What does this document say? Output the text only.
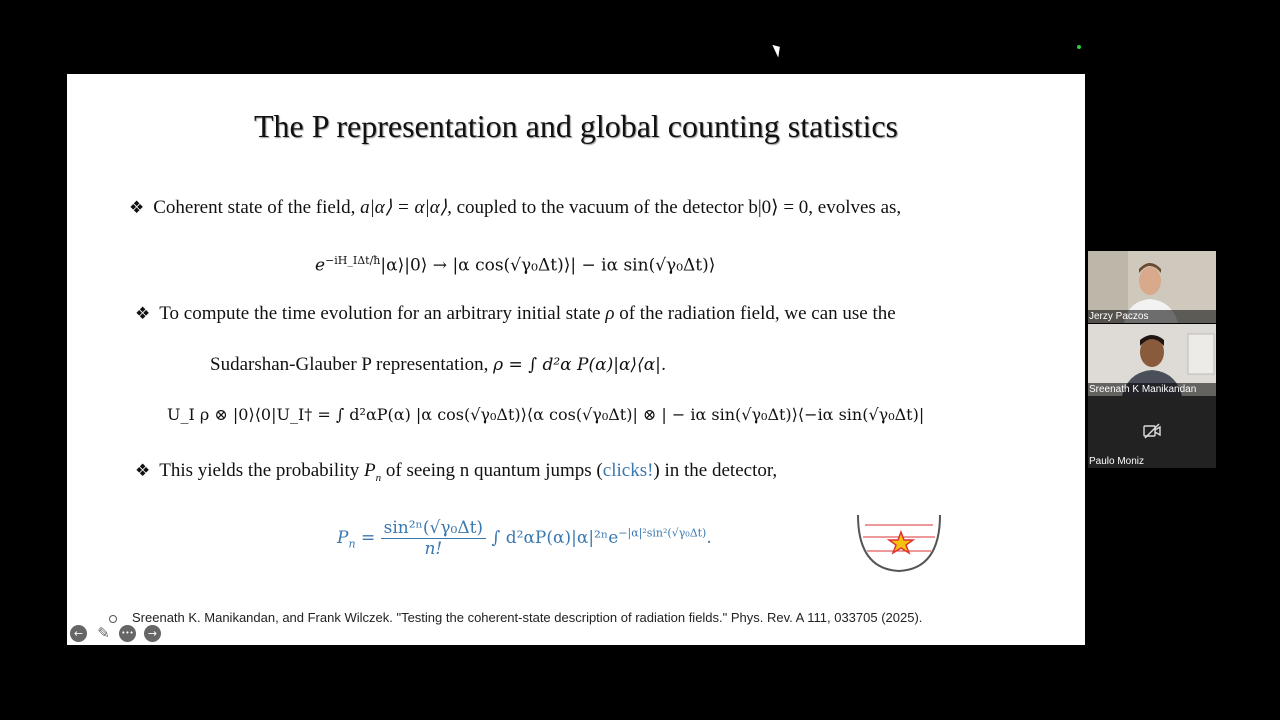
The P representation and global counting statistics
❖ Coherent state of the field, a|α⟩ = α|α⟩, coupled to the vacuum of the detector b|0⟩ = 0, evolves as,
$e^{-iH\_I\Delta t/ħ}|\alpha⟩|0⟩ \to |\alpha$ cos(√γ₀Δt)⟩| − iα sin(√γ₀Δt)⟩
❖ To compute the time evolution for an arbitrary initial state ρ of the radiation field, we can use the
Sudarshan-Glauber P representation, ρ = ∫ d²α P(α)|α⟩⟨α|.
U_I ρ ⊗ |0⟩⟨0|U_I† = ∫ d²αP(α) |α cos(√γ₀Δt)⟩⟨α cos(√γ₀Δt)| ⊗ | − iα sin(√γ₀Δt)⟩⟨−iα sin(√γ₀Δt)|
❖ This yields the probability $P_n$ of seeing n quantum jumps (clicks!) in the detector,
$P_n = \frac{\text{sin²ⁿ(√γ₀Δt)}}{n!}$ ∫ d²αP(α)|α|²ⁿe$^{-|\alpha|^2sin^2(√\gamma_0\Delta t)}$.
Sreenath K. Manikandan, and Frank Wilczek. "Testing the coherent-state description of radiation fields." Phys. Rev. A 111, 033705 (2025).
← ✎	•••	→
Jerzy Paczos
Sreenath K Manikandan
Paulo Moniz
